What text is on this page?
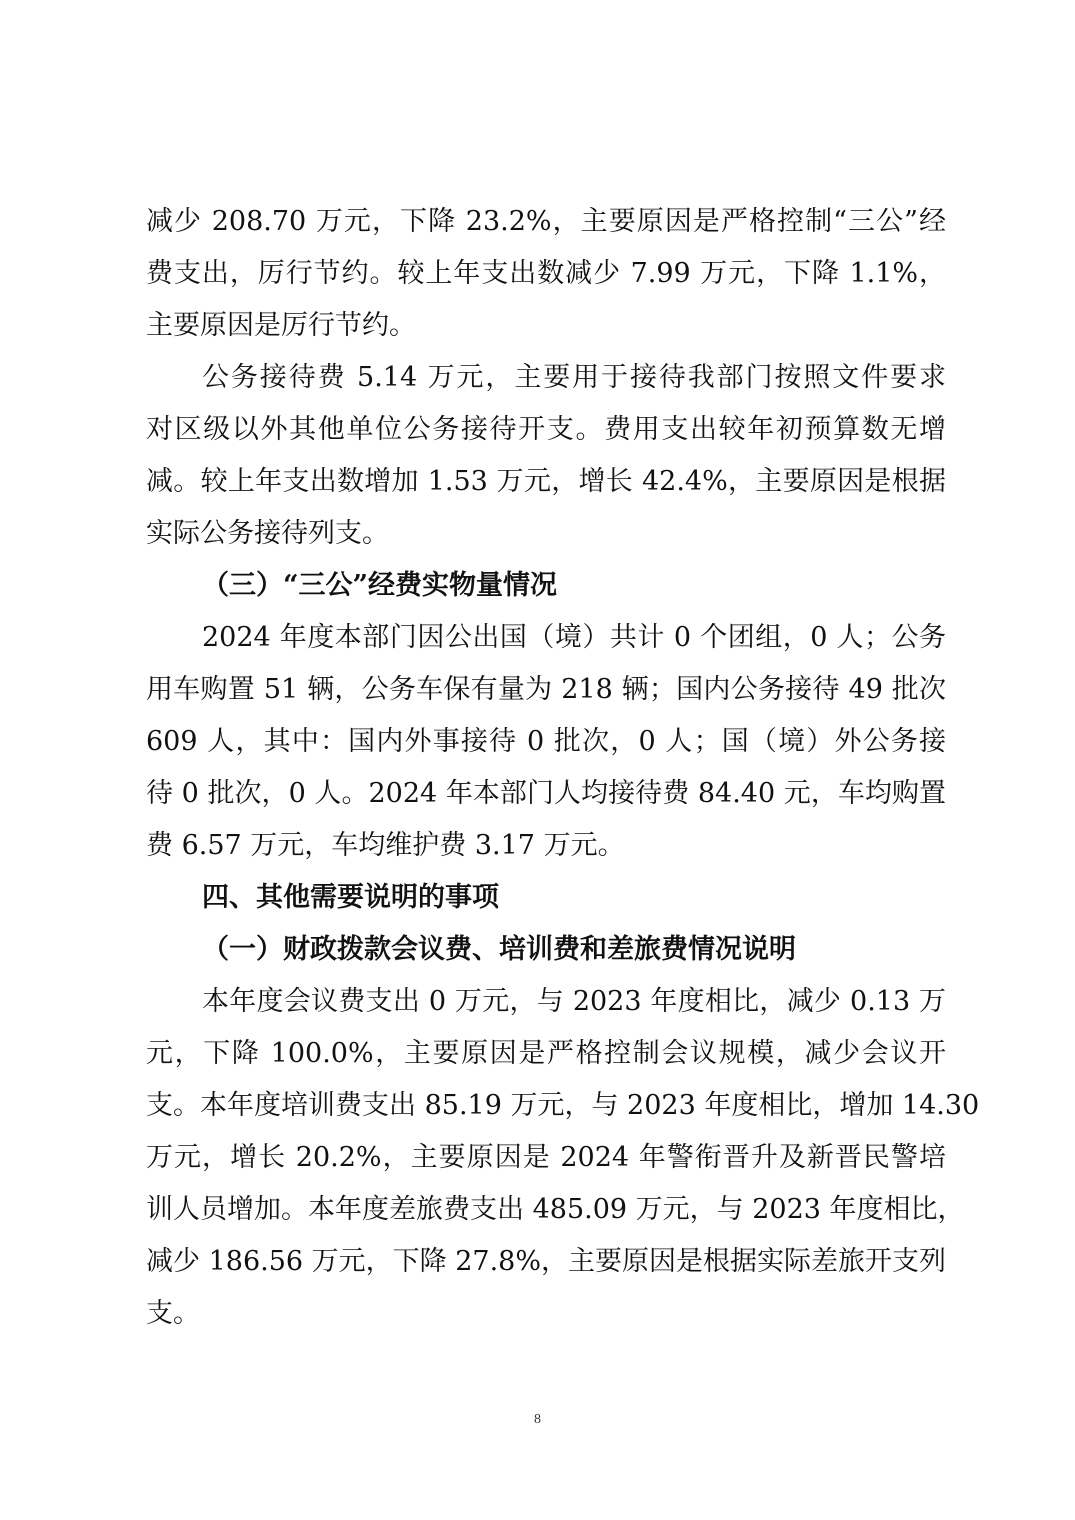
减少 208.70 万元，下降 23.2%，主要原因是严格控制“三公”经
费支出，厉行节约。较上年支出数减少 7.99 万元，下降 1.1%，
主要原因是厉行节约。
公务接待费 5.14 万元，主要用于接待我部门按照文件要求
对区级以外其他单位公务接待开支。费用支出较年初预算数无增
减。较上年支出数增加 1.53 万元，增长 42.4%，主要原因是根据
实际公务接待列支。
（三）“三公”经费实物量情况
2024 年度本部门因公出国（境）共计 0 个团组，0 人；公务
用车购置 51 辆，公务车保有量为 218 辆；国内公务接待 49 批次
609 人，其中：国内外事接待 0 批次，0 人；国（境）外公务接
待 0 批次，0 人。2024 年本部门人均接待费 84.40 元，车均购置
费 6.57 万元，车均维护费 3.17 万元。
四、其他需要说明的事项
（一）财政拨款会议费、培训费和差旅费情况说明
本年度会议费支出 0 万元，与 2023 年度相比，减少 0.13 万
元，下降 100.0%，主要原因是严格控制会议规模，减少会议开
支。本年度培训费支出 85.19 万元，与 2023 年度相比，增加 14.30
万元，增长 20.2%，主要原因是 2024 年警衔晋升及新晋民警培
训人员增加。本年度差旅费支出 485.09 万元，与 2023 年度相比，
减少 186.56 万元，下降 27.8%，主要原因是根据实际差旅开支列
支。
8
